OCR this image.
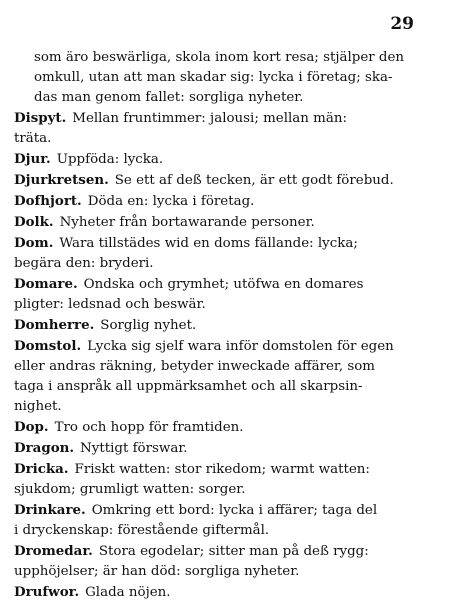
29

som äro beswärliga, skola inom kort resa; stjälper den
omkull, utan att man skadar sig: lycka i företag; ska-
das man genom fallet: sorgliga nyheter.

Dispyt. Mellan fruntimmer: jalousi; mellan män:
träta.

Djur. Uppföda: lycka.

Djurkretsen. Se ett af deß tecken, är ett godt förebud.

Dofhjort. Döda en: lycka i företag.

Dolk. Nyheter från bortawarande personer.

Dom. Wara tillstädes wid en doms fällande: lycka;
begära den: bryderi.

Domare. Ondska och grymhet; utöfwa en domares
pligter: ledsnad och beswär.

Domherre. Sorglig nyhet.

Domstol. Lycka sig sjelf wara inför domstolen för egen
eller andras räkning, betyder inweckade affärer, som
taga i anspråk all uppmärksamhet och all skarpsin-
nighet.

Dop. Tro och hopp för framtiden.

Dragon. Nyttigt förswar.

Dricka. Friskt watten: stor rikedom; warmt watten:
sjukdom; grumligt watten: sorger.

Drinkare. Omkring ett bord: lycka i affärer; taga del
i dryckenskap: förestående giftermål.

Dromedar. Stora egodelar; sitter man på deß rygg:
upphöjelser; är han död: sorgliga nyheter.

Drufwor. Glada nöjen.
